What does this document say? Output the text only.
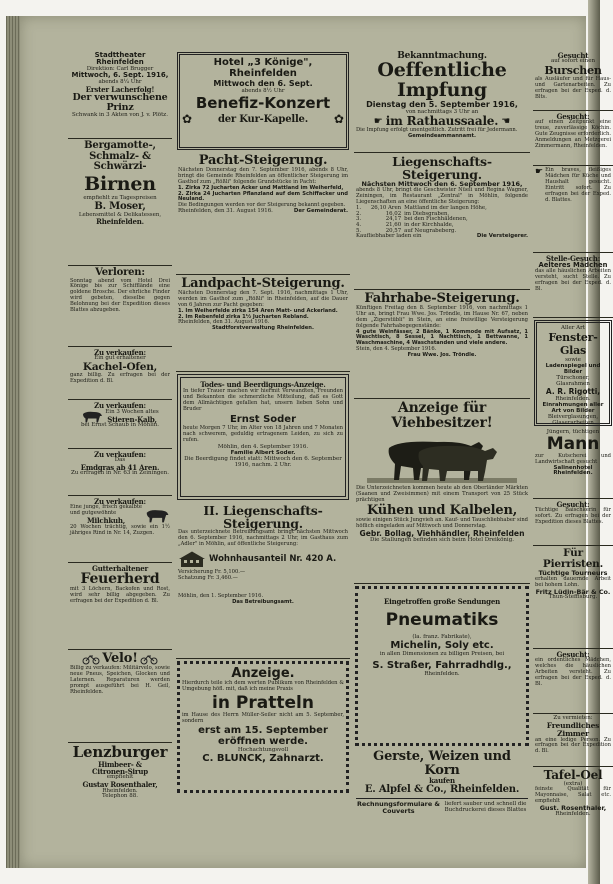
Stadttheater Rheinfelden
Direktion: Carl Brugger
Mittwoch, 6. Sept. 1916,
abends 8¼ Uhr
Erster Lacherfolg!
Der verwunschene Prinz
Schwank in 3 Akten von J. v. Plötz.
Bergamotte-,
Schmalz- &
Schwärzi-
Birnen
empfiehlt zu Tagespreisen
B. Moser,
Lebensmittel & Delikatessen,
Rheinfelden.
Verloren:
Sonntag abend vom Hotel Drei Könige bis zur Schifflände eine goldene Brosche. Der ehrliche Finder wird gebeten, dieselbe gegen Belohnung bei der Expedition dieses Blattes abzugeben.
Zu verkaufen:
Ein gut erhaltener
Kachel-Ofen,
ganz billig. Zu erfragen bei der Expedition d. Bl.
Zu verkaufen:
Ein 3 Wochen altes
Stieren-Kalb,
bei Ernst Schaub in Möhlin.
Zu verkaufen:
Das
Emdgras ab 41 Aren.
Zu erfragen in Nr. 63 in Zeiningen.
Zu verkaufen:
Eine junge, frisch gekalbte und gutgewöhnte
Milchkuh,
20 Wochen trächtig, sowie ein 1½ jähriges Rind in Nr. 14, Zuzgen.
Gutterhaltener
Feuerherd
mit 3 Löchern, Backofen und Rost, wird sehr billig abgegeben. Zu erfragen bei der Expedition d. Bl.
Velo!
Billig zu verkaufen: Militärvelo, sowie neue Pneus, Speichen, Glocken und Laternen. Reparaturen werden prompt ausgeführt bei H. Geil, Rheinfelden.
Lenzburger
Himbeer- &
Citronen-Sirup
empfiehlt
Gustav Rosenthaler,
Rheinfelden.
Telephon 88.
Hotel „3 Könige", Rheinfelden
Mittwoch den 6. Sept.
abends 8½ Uhr
Benefiz-Konzert
✿	der Kur-Kapelle. ✿
Pacht-Steigerung.
Nächsten Donnerstag den 7. September 1916, abends 8 Uhr, bringt die Gemeinde Rheinfelden an öffentlicher Steigerung im Gasthof zum „Rößli" folgende Grundstücke in Pacht:
1. Zirka 72 Jucharten Acker und Mattland im Weiherfeld,
2. Zirka 24 Jucharten Pflanzland auf dem Schiffacker und Neuland.
Die Bedingungen werden vor der Steigerung bekannt gegeben.
Rheinfelden, den 31. August 1916.	Der Gemeinderat.
Landpacht-Steigerung.
Nächsten Donnerstag den 7. Sept. 1916, nachmittags 1 Uhr, werden im Gasthof zum „Rößli" in Rheinfelden, auf die Dauer von 6 Jahren zur Pacht gegeben:
1. Im Weiherfelde zirka 154 Aren Matt- und Ackerland.
2. Im Rebenfeld zirka 1½ Jucharten Rebland.
Rheinfelden, den 31. August 1916.
Stadtforstverwaltung Rheinfelden.
Todes- und Beerdigungs-Anzeige.
In tiefer Trauer machen wir hiermit Verwandten, Freunden und Bekannten die schmerzliche Mitteilung, daß es Gott dem Allmächtigen gefallen hat, unsern lieben Sohn und Bruder
Ernst Soder
heute Morgen 7 Uhr, im Alter von 18 Jahren und 7 Monaten nach schwerem, geduldig ertragenem Leiden, zu sich zu rufen.
Möhlin, den 4. September 1916.
Familie Albert Soder.
Die Beerdigung findet statt: Mittwoch den 6. September 1916, nachm. 2 Uhr.
II. Liegenschafts-Steigerung.
Das unterzeichnete Betreibungsamt bringt nächsten Mittwoch den 6. September 1916, nachmittags 2 Uhr, im Gasthaus zum „Adler" in Möhlin, auf öffentliche Steigerung:
Wohnhausanteil Nr. 420 A.
Versicherung Fr. 5,100.—
Schatzung Fr. 3,460.—
Möhlin, den 1. September 1916.
Das Betreibungsamt.
Anzeige.
Hierdurch teile ich dem werten Publikum von Rheinfelden & Umgebung höfl. mit, daß ich meine Praxis
in Pratteln
im Hause des Herrn Müller-Seiler nicht am 5. September, sondern
erst am 15. September
eröffnen werde.
Hochachtungsvoll
C. BLUNCK, Zahnarzt.
Bekanntmachung.
Oeffentliche Impfung
Dienstag den 5. September 1916,
von nachmittags 3 Uhr an
☛ im Rathaussaale. ☚
Die Impfung erfolgt unentgeltlich. Zutritt frei für Jedermann.
Gemeindeammannamt.
Liegenschafts-Steigerung.
Nächsten Mittwoch den 6. September 1916,
abends 8 Uhr, bringt die Geschwister Nüeli und Regina Wagner, Zeiningen, im Restaurant „Zentral" in Möhlin, folgende Liegenschaften an eine öffentliche Steigerung:
1.	26,10 Aren Mattland im der langen Höhe,
2.	16,02 im Diebsgraben,
3.	24,17 bei den Fischhäldenen,
4.	21,60 in der Kirchhalde,
5.	20,57 auf Neugrabeberg.
Kaufliebhaber laden ein	Die Versteigerer.
Fahrhabe-Steigerung.
Künftigen Freitag den 8. September 1916, von nachmittags 1 Uhr an, bringt Frau Wwe. Jos. Tröndle, im Hause Nr. 67, neben dem „Zigerstübli" in Stein, an eine freiwillige Versteigerung folgende Fahrhabegegenstände:
4 gute Weinfässer, 2 Bänke, 1 Kommode mit Aufsatz, 1 Waschtisch, 8 Sessel, 1 Nachttisch, 1 Bettwanne, 1 Waschmaschine, 4 Waschstanden und viele andere.
Stein, den 4. September 1916.
Frau Wwe. Jos. Tröndle.
Anzeige für Viehbesitzer!
Die Unterzeichneten kommen heute ab den Oberländer Märkten (Saanen und Zweisimmen) mit einem Transport von 25 Stück prächtigen
Kühen und Kalbelen,
sowie einigen Stück Jungvieh an. Kauf- und Tauschliebhaber sind höflich eingeladen auf Mittwoch und Donnerstag.
Gebr. Bollag, Viehhändler, Rheinfelden
Die Stallungen befinden sich beim Hotel Dreikönig.
Eingetroffen große Sendungen
Pneumatiks
(la. franz. Fabrikate),
Michelin, Soly etc.
in allen Dimensionen zu billigen Preisen, bei
S. Straßer, Fahrradhdlg.,
Rheinfelden.
Gerste, Weizen und Korn
kaufen
E. Alpfel & Co., Rheinfelden.
Rechnungsformulare & Couverts
liefert sauber und schnell die Buchdruckerei dieses Blattes
Gesucht
auf sofort einen
Burschen
als Ausläufer und für Haus- und Gartenarbeiten. Zu erfragen bei der Exped. d. Blts.
Gesucht:
auf einen Zeitpunkt eine treue, zuverlässige Köchin. Gute Zeugnisse erforderlich. Anmeldungen an Metzgerei Zimmermann, Rheinfelden.
☛ Ein braves, fleißiges Mädchen für Küche und Haushalt gesucht. Eintritt sofort. Zu erfragen bei der Exped. d. Blattes.
Stelle-Gesuch:
Aelteres Mädchen
das alle häuslichen Arbeiten versteht, sucht Stelle. Zu erfragen bei der Exped. d. Bl.
Aller Art
Fenster-Glas
sowie
Ladenspiegel und Bilder
Türschoner, Glasrahmen
A. R. Rigotti,
Rheinfelden.
Einrahmungen aller Art von Bilder
Bleiverglasungen, Glaserarbeiten
Jüngern, tüchtigen
Mann
zur Kutscherei und Landwirtschaft gesucht
Salinenhotel Rheinfelden.
Gesucht:
Tüchtige Baischkerin für sofort. Zu erfragen bei der Expedition dieses Blattes.
Für Pierristen.
Tüchtige Tourneurs
erhalten dauernde Arbeit bei hohem Lohn.
Fritz Lüdin-Bär & Co.
Thun-Steffisburg.
Gesucht:
ein ordentliches Mädchen, welches die häuslichen Arbeiten versteht. Zu erfragen bei der Exped. d. Bl.
Zu vermieten:
Freundliches Zimmer
an eine ledige Person. Zu erfragen bei der Expedition d. Bl.
Tafel-Oel
(extra)
feinste Qualität für Mayonnaise, Salat etc. empfiehlt
Gust. Rosenthaler,
Rheinfelden.
